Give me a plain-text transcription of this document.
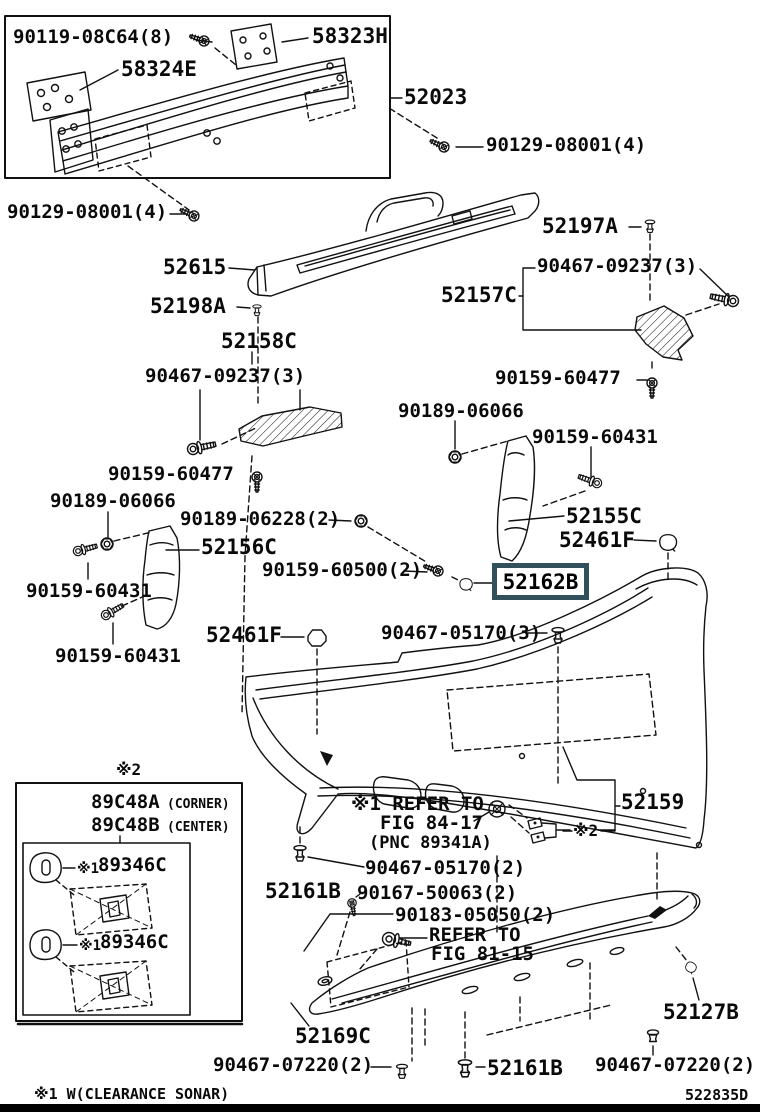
90119-08C64(8)	58323H
58324E
52023
90129-08001(4)
90129-08001(4)
52197A
90467-09237(3)
52615
52157C
52198A
52158C
90467-09237(3)	90159-60477
90189-06066
90159-60431
90159-60477
90189-06066
90189-06228(2)
52156C
52155C
52461F
90159-60500(2)	52162B
90159-60431
90159-60431
52461F	90467-05170(3)
52159
※1 REFER TO
FIG 84-17
(PNC 89341A)
※2
90467-05170(2)
52161B 90167-50063(2)
90183-05050(2)
REFER TO
FIG 81-15
※2
89C48A (CORNER)
89C48B (CENTER)
※1
89346C
※1
89346C
52169C
90467-07220(2)	52161B 90467-07220(2)
52127B
※1 W(CLEARANCE SONAR)	522835D
